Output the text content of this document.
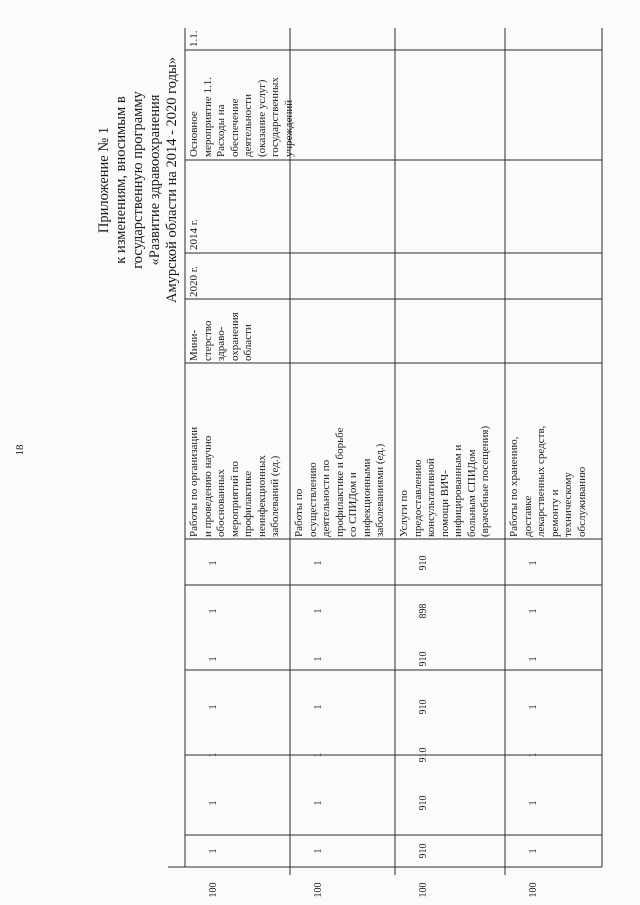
18
Приложение № 1 к изменениям, вносимым в государственную программу «Развитие здравоохранения Амурской области на 2014 - 2020 годы»
1.1.
Основное мероприятие 1.1. Расходы на обеспечение деятельности (оказание услуг) государственных учреждений
2014 г.
2020 г.
Мини- стерство здраво- охранения области
Работы по организации и проведению научно обоснованных мероприятий по профилактике неинфекционных заболеваний (ед.) Работы по осуществлению деятельности по профилактике и борьбе со СПИДом и инфекционными заболеваниями (ед.) Услуги по предоставлению консультативной помощи ВИЧ- инфицированным и больным СПИДом (врачебные посещения) Работы по хранению, доставке лекарственных средств, ремонту и техническому обслуживанию
1
1
1
1
1
1
1
100
1
1
1
1
1
1
1
100
910
898
910
910
910
910
910
100
1
1
1
1
1
1
1
100
